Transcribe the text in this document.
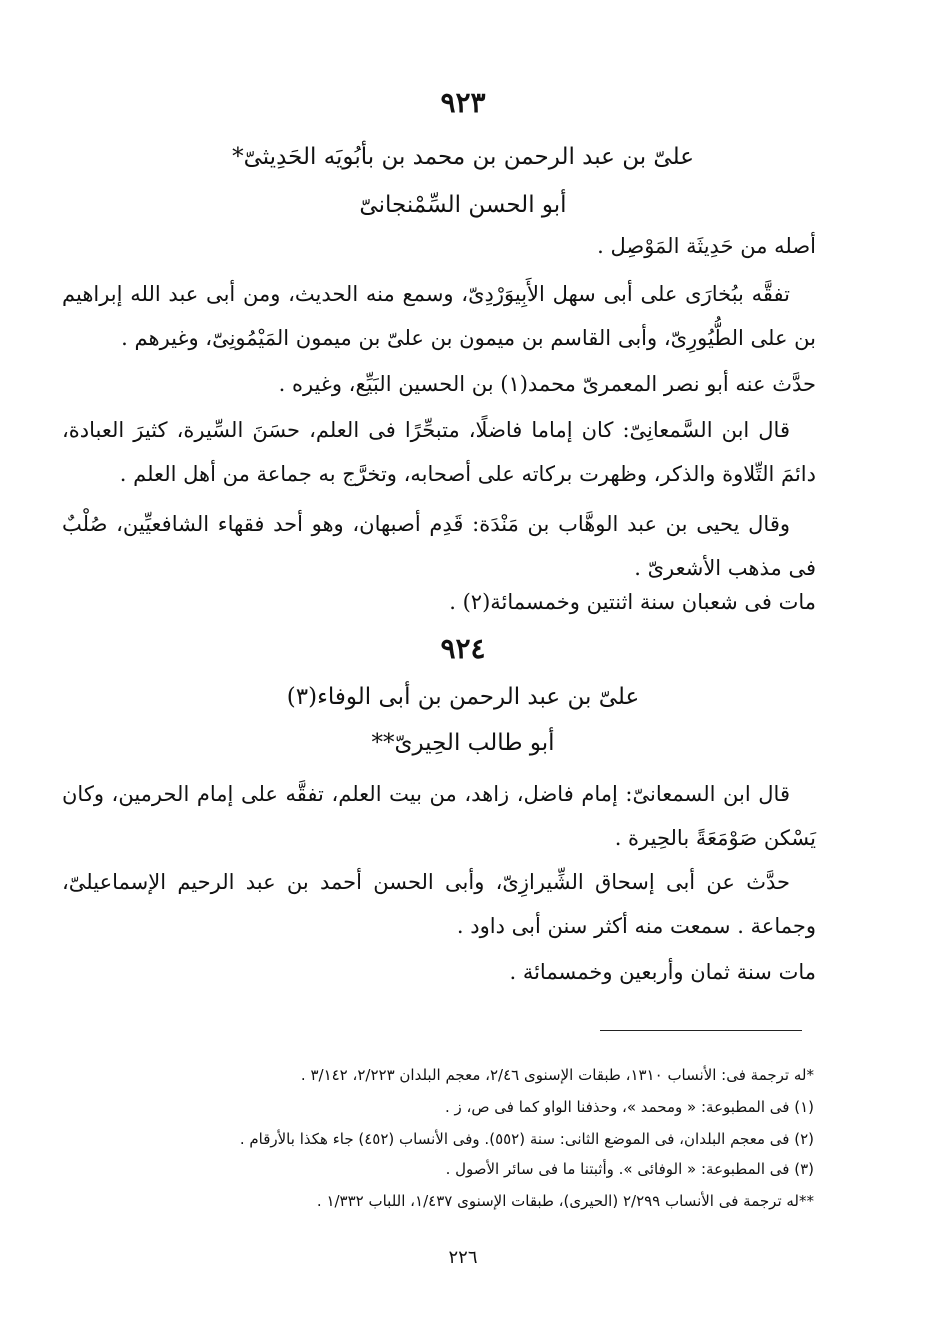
٩٢٣
علىّ بن عبد الرحمن بن محمد بن بأبُويَه الحَدِيثىّ*
أبو الحسن السِّمْنجانىّ
أصله من حَدِيثَة المَوْصِل .
تفقَّه ببُخارَى على أبى سهل الأَبِيوَرْدِىّ، وسمع منه الحديث، ومن أبى عبد الله إبراهيم بن على الطُّيُورِىّ، وأبى القاسم بن ميمون بن علىّ بن ميمون المَيْمُونِىّ، وغيرهم .
حدَّث عنه أبو نصر المعمرىّ محمد(١) بن الحسين البَيِّع، وغيره .
قال ابن السَّمعانِىّ: كان إماما فاضلًا، متبحِّرًا فى العلم، حسَنَ السِّيرة، كثيرَ العبادة، دائمَ التِّلاوة والذكر، وظهرت بركاته على أصحابه، وتخرَّج به جماعة من أهل العلم .
وقال يحيى بن عبد الوهَّاب بن مَنْدَة: قَدِم أصبهان، وهو أحد فقهاء الشافعيِّين، صُلْبٌ فى مذهب الأشعرىّ .
مات فى شعبان سنة اثنتين وخمسمائة(٢) .
٩٢٤
علىّ بن عبد الرحمن بن أبى الوفاء(٣)
أبو طالب الحِيرىّ**
قال ابن السمعانىّ: إمام فاضل، زاهد، من بيت العلم، تفقَّه على إمام الحرمين، وكان يَسْكن صَوْمَعَةً بالحِيرة .
حدَّث عن أبى إسحاق الشِّيرازِىّ، وأبى الحسن أحمد بن عبد الرحيم الإسماعيلىّ، وجماعة . سمعت منه أكثر سنن أبى داود .
مات سنة ثمان وأربعين وخمسمائة .
*له ترجمة فى: الأنساب ١٣١٠، طبقات الإسنوى ٢/٤٦، معجم البلدان ٢/٢٢٣، ٣/١٤٢ .
(١) فى المطبوعة: « ومحمد »، وحذفنا الواو كما فى ص، ز .
(٢) فى معجم البلدان، فى الموضع الثانى: سنة (٥٥٢). وفى الأنساب (٤٥٢) جاء هكذا بالأرقام .
(٣) فى المطبوعة: « الوفائى ». وأثبتنا ما فى سائر الأصول .
**له ترجمة فى الأنساب ٢/٢٩٩ (الحيرى)، طبقات الإسنوى ١/٤٣٧، اللباب ١/٣٣٢ .
٢٢٦
